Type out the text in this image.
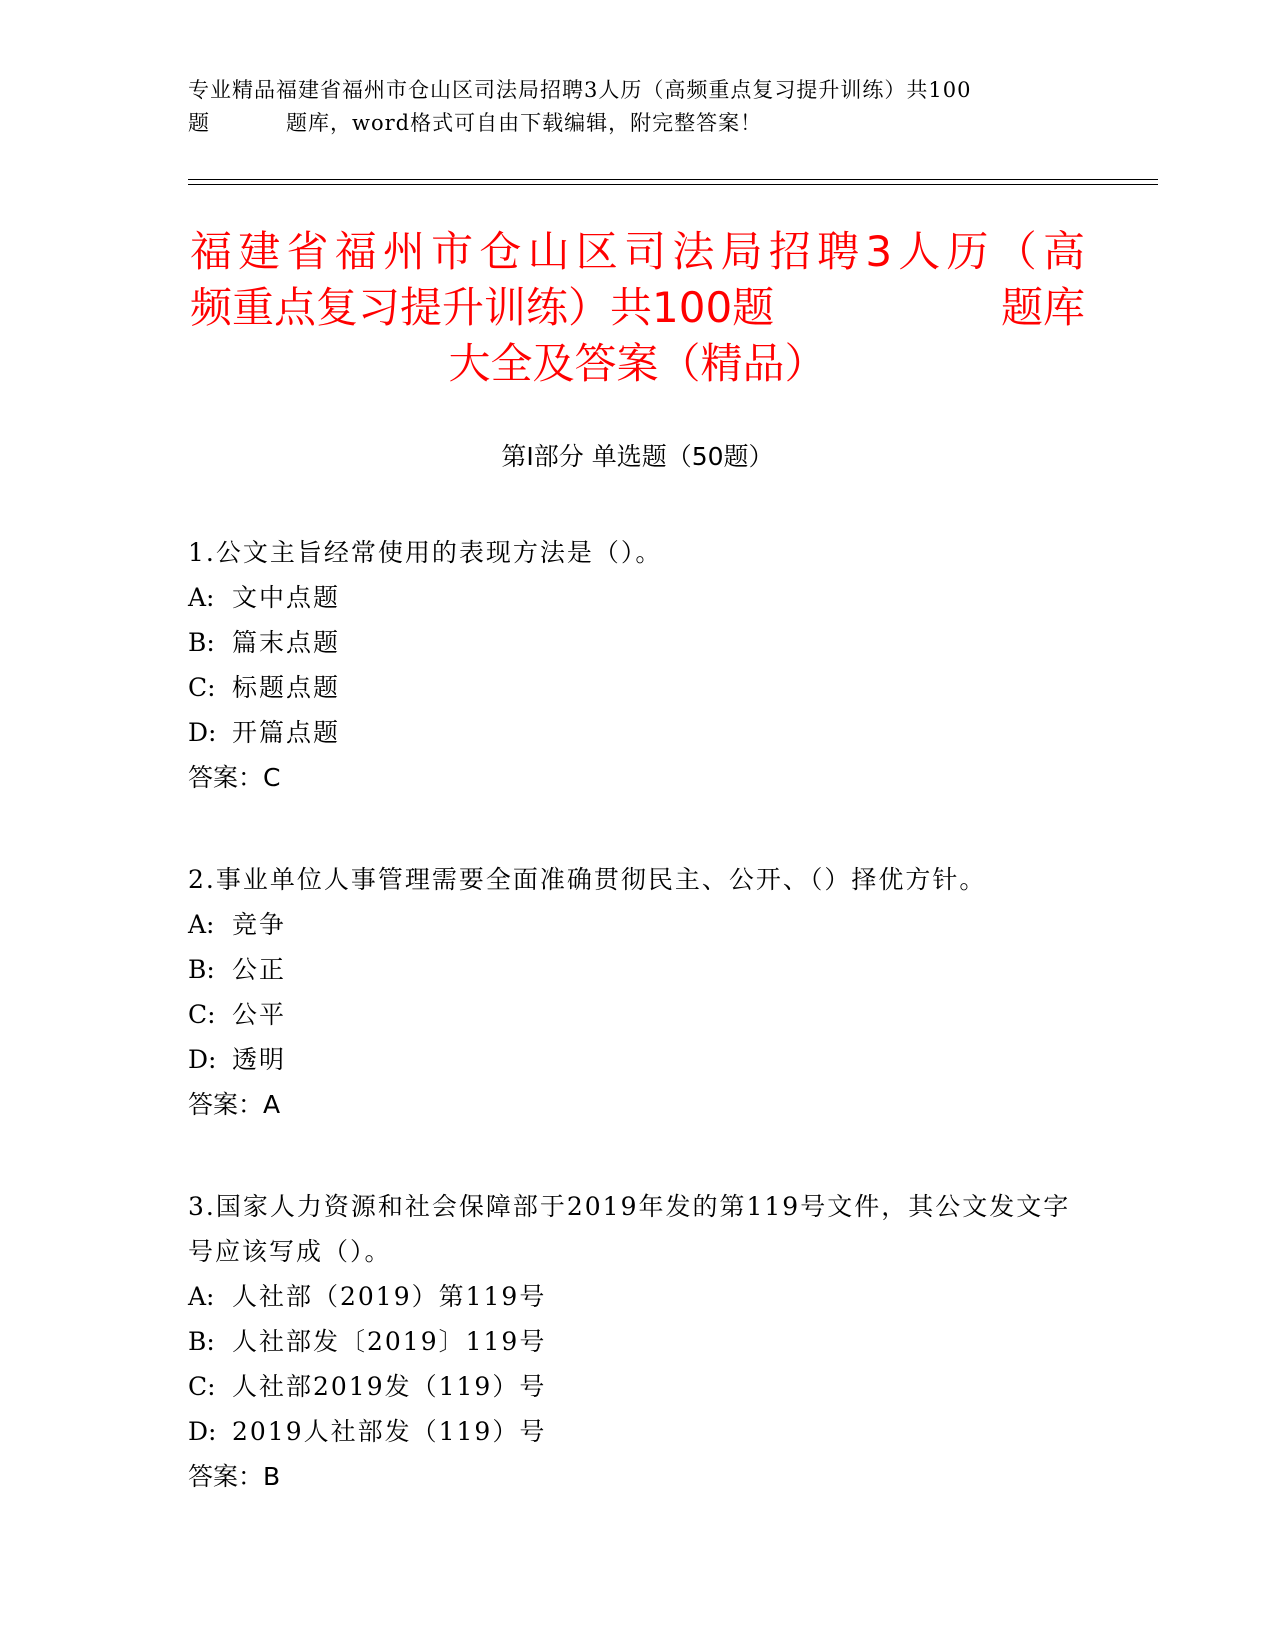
专业精品福建省福州市仓山区司法局招聘3人历（高频重点复习提升训练）共100
题	题库，word格式可自由下载编辑，附完整答案！
福建省福州市仓山区司法局招聘3人历（高
频重点复习提升训练）共100题	题库
大全及答案（精品）
第Ⅰ部分 单选题（50题）
1.公文主旨经常使用的表现方法是（）。
A: 文中点题
B: 篇末点题
C: 标题点题
D: 开篇点题
答案：C
2.事业单位人事管理需要全面准确贯彻民主、公开、（）择优方针。
A: 竞争
B: 公正
C: 公平
D: 透明
答案：A
3.国家人力资源和社会保障部于2019年发的第119号文件，其公文发文字号应该写成（）。
A: 人社部（2019）第119号
B: 人社部发〔2019〕119号
C: 人社部2019发（119）号
D: 2019人社部发（119）号
答案：B
